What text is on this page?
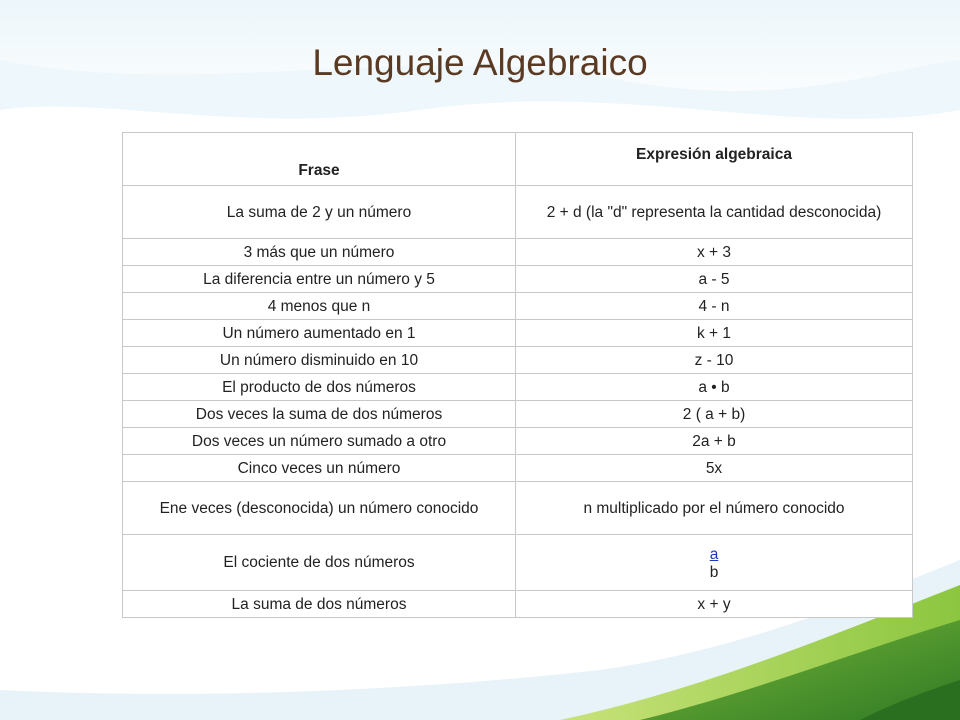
Lenguaje Algebraico
Frase	Expresión algebraica
La suma de 2 y un número	2 + d (la "d" representa la cantidad desconocida)
3 más que un número	x + 3
La diferencia entre un número y 5	a - 5
4 menos que n	4 - n
Un número aumentado en 1	k + 1
Un número disminuido en 10	z - 10
El producto de dos números	a • b
Dos veces la suma de dos números	2 ( a + b)
Dos veces un número sumado a otro	2a + b
Cinco veces un número	5x
Ene veces (desconocida) un número conocido	n multiplicado por el número conocido
El cociente de dos números	$\frac{a}{b}$

La suma de dos números	x + y
